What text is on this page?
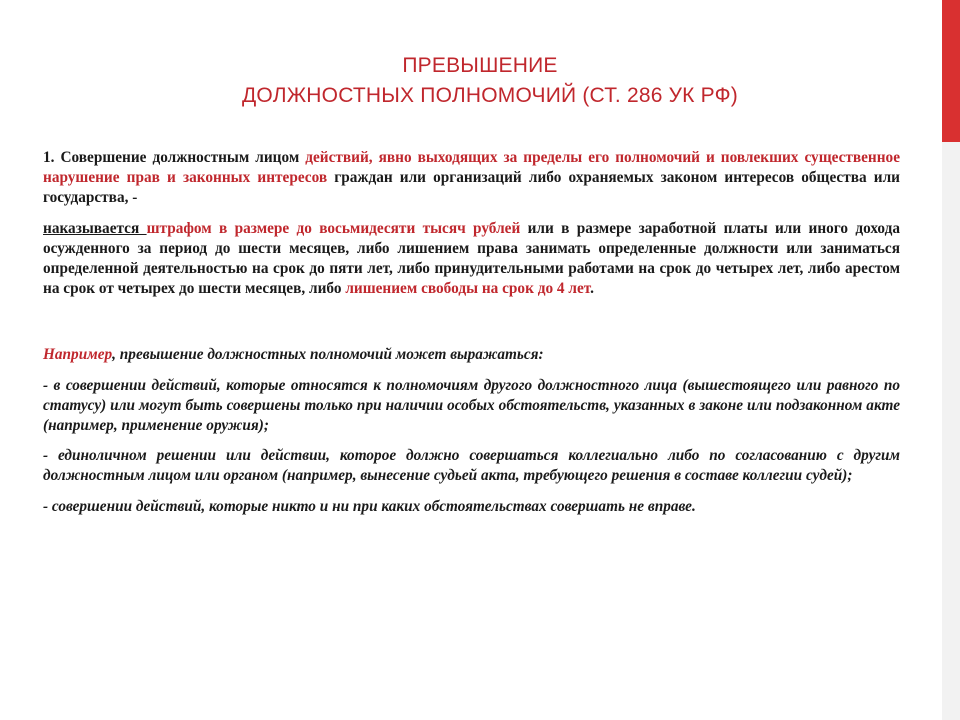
ПРЕВЫШЕНИЕ
ДОЛЖНОСТНЫХ ПОЛНОМОЧИЙ (СТ. 286 УК РФ)

1. Совершение должностным лицом действий, явно выходящих за пределы его полномочий и повлекших существенное нарушение прав и законных интересов граждан или организаций либо охраняемых законом интересов общества или государства, -

наказывается штрафом в размере до восьмидесяти тысяч рублей или в размере заработной платы или иного дохода осужденного за период до шести месяцев, либо лишением права занимать определенные должности или заниматься определенной деятельностью на срок до пяти лет, либо принудительными работами на срок до четырех лет, либо арестом на срок от четырех до шести месяцев, либо лишением свободы на срок до 4 лет.

Например, превышение должностных полномочий может выражаться:

- в совершении действий, которые относятся к полномочиям другого должностного лица (вышестоящего или равного по статусу) или могут быть совершены только при наличии особых обстоятельств, указанных в законе или подзаконном акте (например, применение оружия);

- единоличном решении или действии, которое должно совершаться коллегиально либо по согласованию с другим должностным лицом или органом (например, вынесение судьей акта, требующего решения в составе коллегии судей);

- совершении действий, которые никто и ни при каких обстоятельствах совершать не вправе.
